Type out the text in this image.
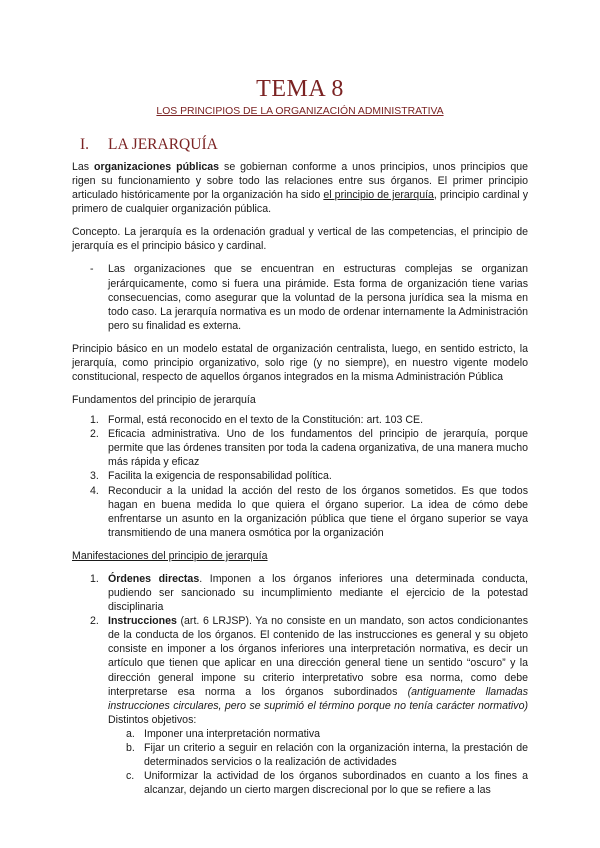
TEMA 8
LOS PRINCIPIOS DE LA ORGANIZACIÓN ADMINISTRATIVA
I. LA JERARQUÍA

Las organizaciones públicas se gobiernan conforme a unos principios, unos principios que rigen su funcionamiento y sobre todo las relaciones entre sus órganos. El primer principio articulado históricamente por la organización ha sido el principio de jerarquía, principio cardinal y primero de cualquier organización pública.

Concepto. La jerarquía es la ordenación gradual y vertical de las competencias, el principio de jerarquía es el principio básico y cardinal.

- Las organizaciones que se encuentran en estructuras complejas se organizan jerárquicamente, como si fuera una pirámide. Esta forma de organización tiene varias consecuencias, como asegurar que la voluntad de la persona jurídica sea la misma en todo caso. La jerarquía normativa es un modo de ordenar internamente la Administración pero su finalidad es externa.

Principio básico en un modelo estatal de organización centralista, luego, en sentido estricto, la jerarquía, como principio organizativo, solo rige (y no siempre), en nuestro vigente modelo constitucional, respecto de aquellos órganos integrados en la misma Administración Pública

Fundamentos del principio de jerarquía

1. Formal, está reconocido en el texto de la Constitución: art. 103 CE.
2. Eficacia administrativa. Uno de los fundamentos del principio de jerarquía, porque permite que las órdenes transiten por toda la cadena organizativa, de una manera mucho más rápida y eficaz
3. Facilita la exigencia de responsabilidad política.
4. Reconducir a la unidad la acción del resto de los órganos sometidos. Es que todos hagan en buena medida lo que quiera el órgano superior. La idea de cómo debe enfrentarse un asunto en la organización pública que tiene el órgano superior se vaya transmitiendo de una manera osmótica por la organización

Manifestaciones del principio de jerarquía

1. Órdenes directas. Imponen a los órganos inferiores una determinada conducta, pudiendo ser sancionado su incumplimiento mediante el ejercicio de la potestad disciplinaria
2. Instrucciones (art. 6 LRJSP). Ya no consiste en un mandato, son actos condicionantes de la conducta de los órganos. El contenido de las instrucciones es general y su objeto consiste en imponer a los órganos inferiores una interpretación normativa, es decir un artículo que tienen que aplicar en una dirección general tiene un sentido “oscuro” y la dirección general impone su criterio interpretativo sobre esa norma, como debe interpretarse esa norma a los órganos subordinados (antiguamente llamadas instrucciones circulares, pero se suprimió el término porque no tenía carácter normativo) Distintos objetivos:
a. Imponer una interpretación normativa
b. Fijar un criterio a seguir en relación con la organización interna, la prestación de determinados servicios o la realización de actividades
c. Uniformizar la actividad de los órganos subordinados en cuanto a los fines a alcanzar, dejando un cierto margen discrecional por lo que se refiere a las
